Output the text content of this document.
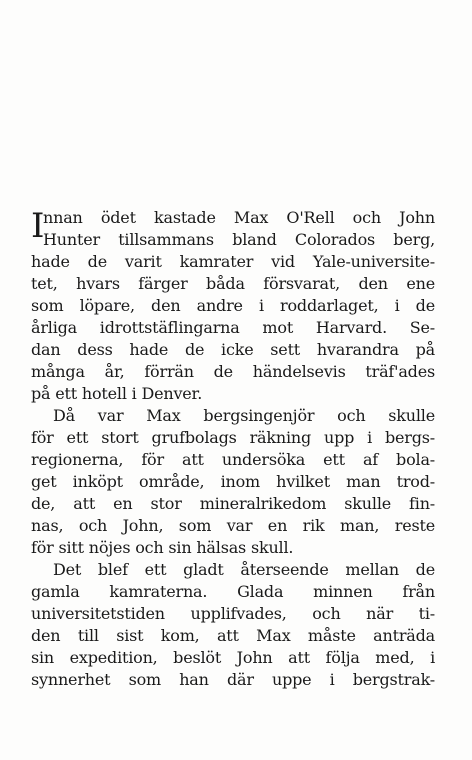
I
nnan ödet kastade Max O'Rell och John
Hunter tillsammans bland Colorados berg,
hade de varit kamrater vid Yale-universite-
tet, hvars färger båda försvarat, den ene
som löpare, den andre i roddarlaget, i de
årliga idrottstäflingarna mot Harvard. Se-
dan dess hade de icke sett hvarandra på
många år, förrän de händelsevis träf'ades
på ett hotell i Denver.
Då var Max bergsingenjör och skulle
för ett stort grufbolags räkning upp i bergs-
regionerna, för att undersöka ett af bola-
get inköpt område, inom hvilket man trod-
de, att en stor mineralrikedom skulle fin-
nas, och John, som var en rik man, reste
för sitt nöjes och sin hälsas skull.
Det blef ett gladt återseende mellan de
gamla kamraterna. Glada minnen från
universitetstiden upplifvades, och när ti-
den till sist kom, att Max måste anträda
sin expedition, beslöt John att följa med, i
synnerhet som han där uppe i bergstrak-
